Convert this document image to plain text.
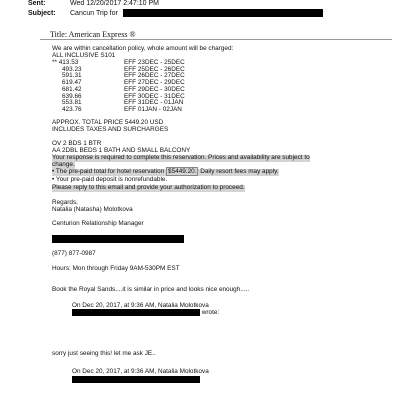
Sent:	Wed 12/20/2017 2:47:10 PM
Subject: Cancun Trip for
Title: American Express ®
We are within cancellation policy, whole amount will be charged:
ALL INCLUSIVE S101
** 413.53	EFF 23DEC - 25DEC
493.23	EFF 25DEC - 26DEC
591.31	EFF 26DEC - 27DEC
619.47	EFF 27DEC - 29DEC
681.42	EFF 29DEC - 30DEC
639.66	EFF 30DEC - 31DEC
553.81	EFF 31DEC - 01JAN
423.76	EFF 01JAN - 02JAN
APPROX. TOTAL PRICE 5449.20 USD
INCLUDES TAXES AND SURCHARGES
OV 2 BDS 1 BTR
AA 2DBL BEDS 1 BATH AND SMALL BALCONY
Your response is required to complete this reservation. Prices and availability are subject to
change.
• The pre-paid total for hotel reservation $5449.20. Daily resort fees may apply.
• Your pre-paid deposit is nonrefundable.
Please reply to this email and provide your authorization to proceed.
Regards,
Natalia (Natasha) Molotkova
Centurion Relationship Manager
(877) 877-0987
Hours: Mon through Friday 9AM-530PM EST
Book the Royal Sands....it is similar in price and looks nice enough.....
On Dec 20, 2017, at 9:36 AM, Natalia Molotkova
wrote:
sorry just seeing this! let me ask JE..
On Dec 20, 2017, at 9:36 AM, Natalia Molotkova
